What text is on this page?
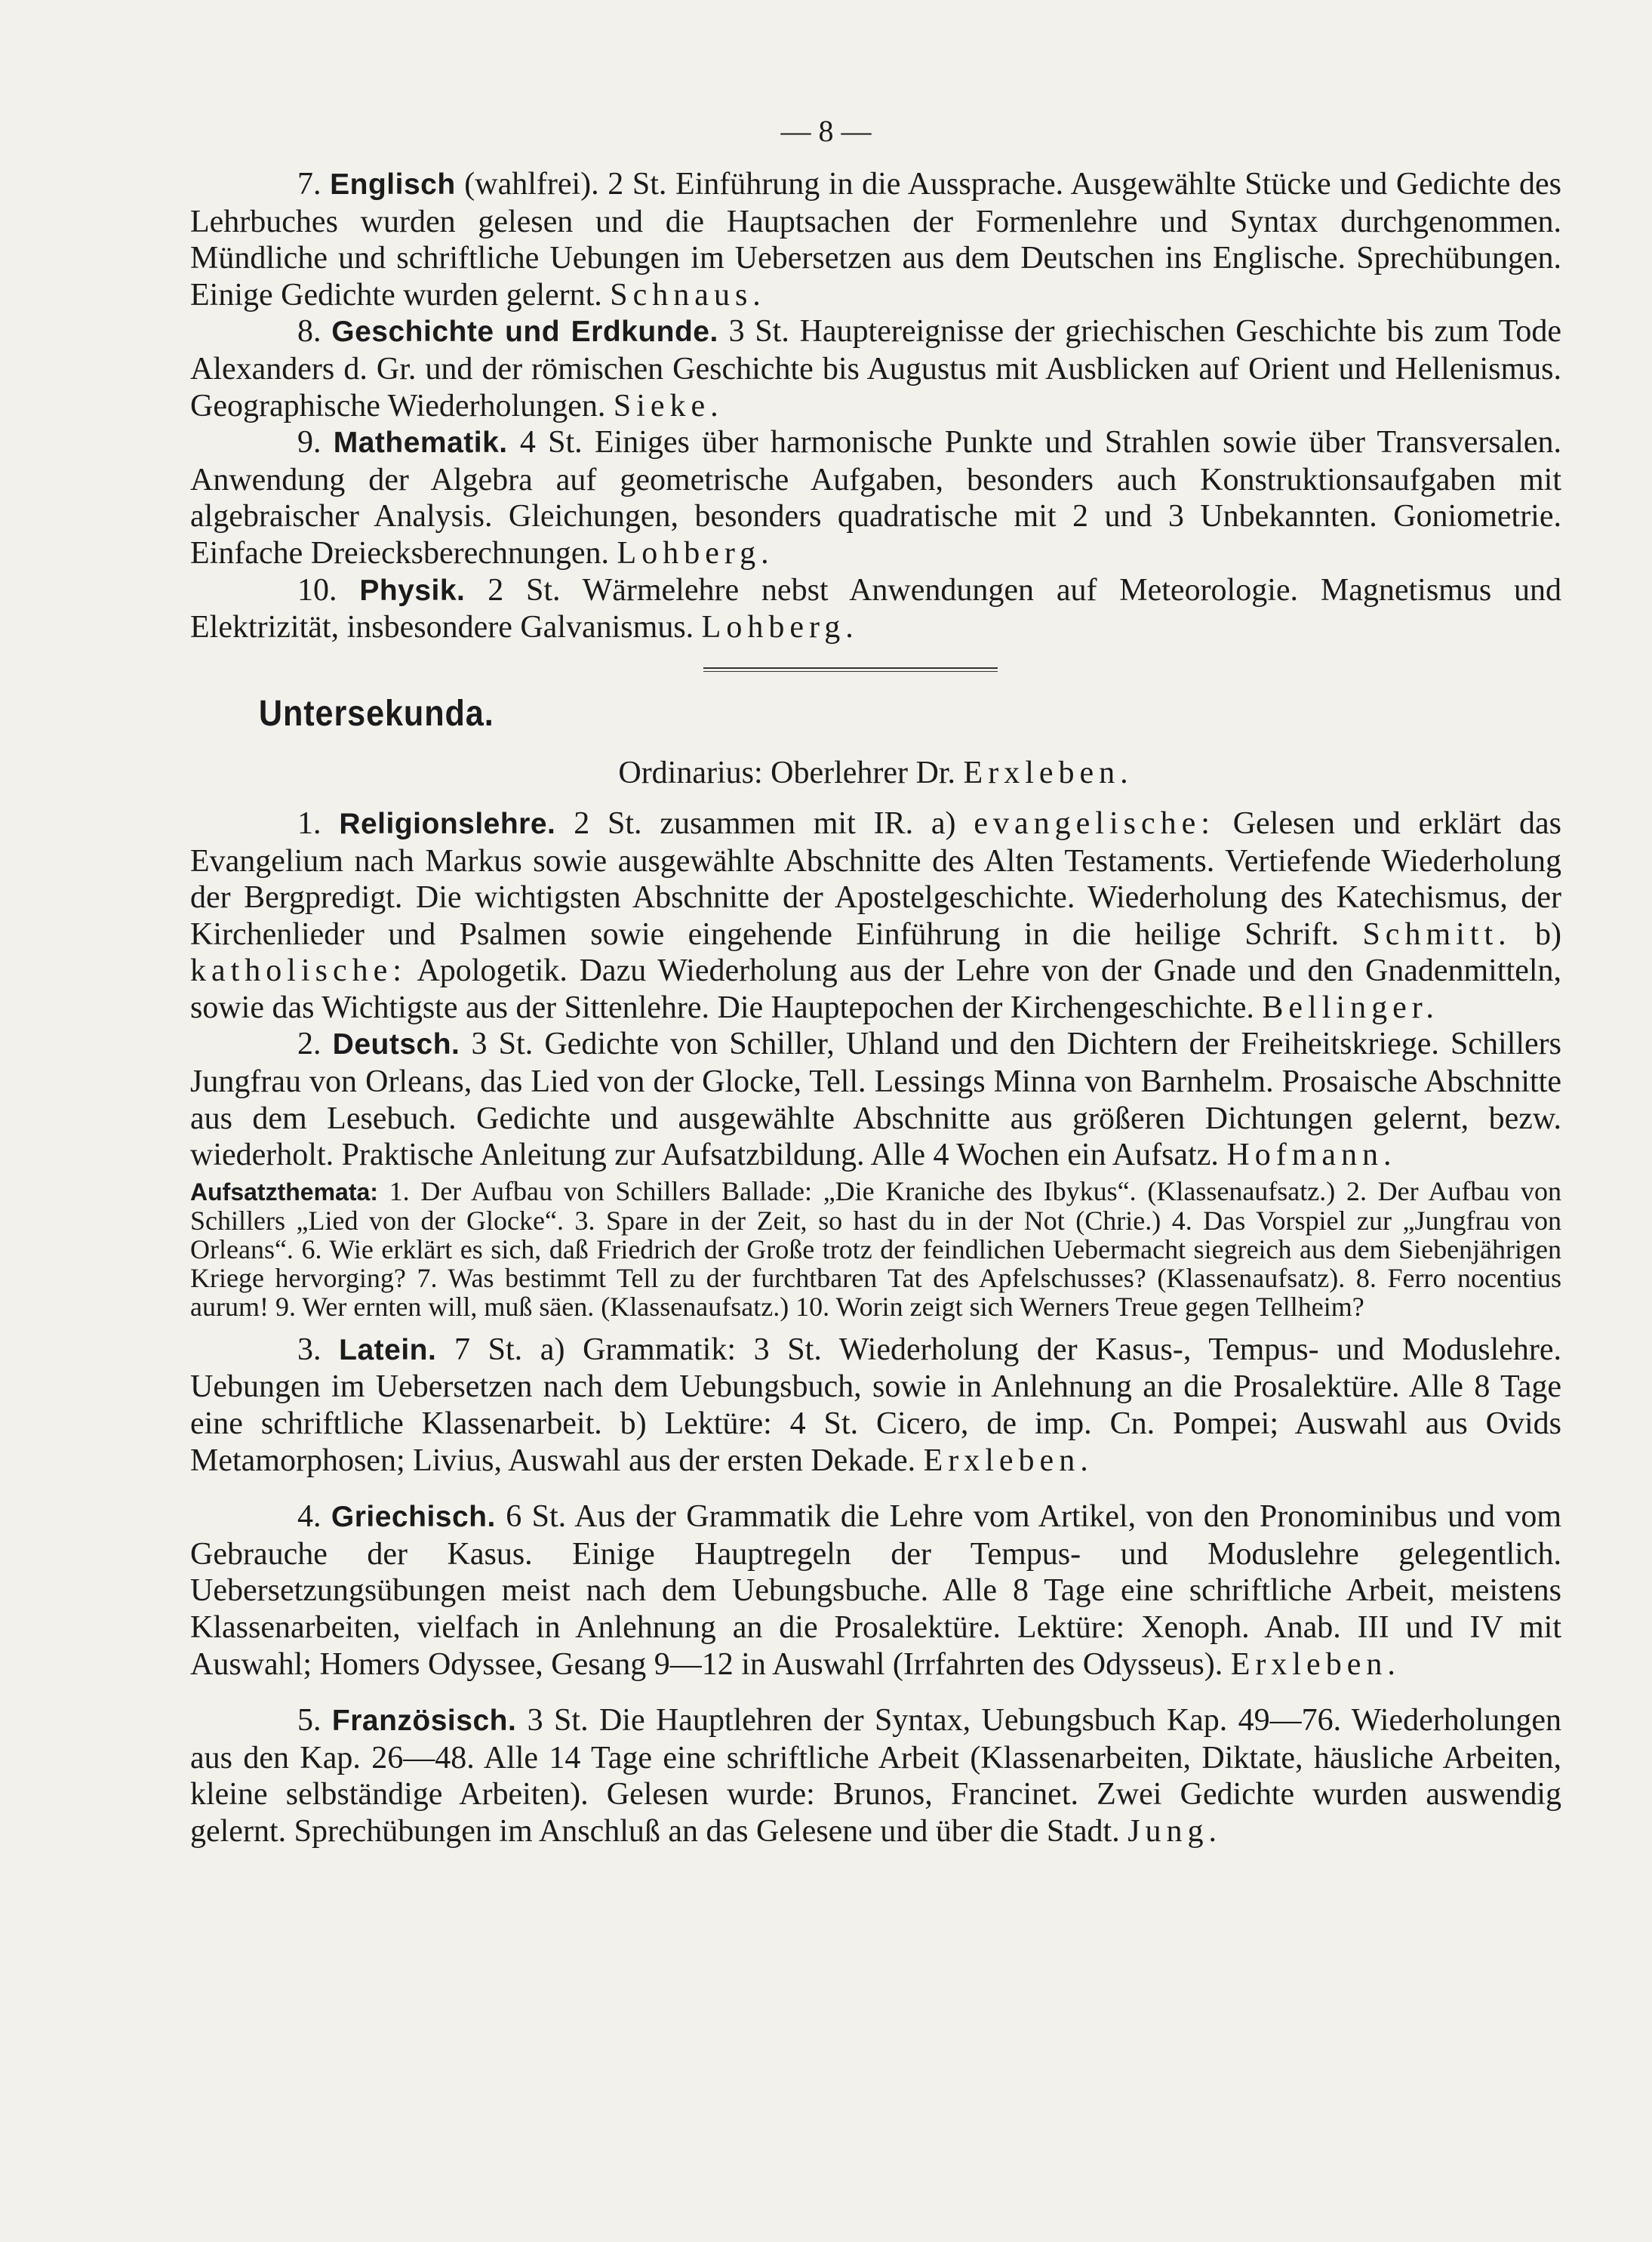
— 8 —

7. Englisch (wahlfrei). 2 St. Einführung in die Aussprache. Ausgewählte Stücke und Gedichte des Lehrbuches wurden gelesen und die Hauptsachen der Formenlehre und Syntax durchgenommen. Mündliche und schriftliche Uebungen im Uebersetzen aus dem Deutschen ins Englische. Sprechübungen. Einige Gedichte wurden gelernt. Schnaus.

8. Geschichte und Erdkunde. 3 St. Hauptereignisse der griechischen Geschichte bis zum Tode Alexanders d. Gr. und der römischen Geschichte bis Augustus mit Ausblicken auf Orient und Hellenismus. Geographische Wiederholungen. Sieke.

9. Mathematik. 4 St. Einiges über harmonische Punkte und Strahlen sowie über Transversalen. Anwendung der Algebra auf geometrische Aufgaben, besonders auch Konstruktionsaufgaben mit algebraischer Analysis. Gleichungen, besonders quadratische mit 2 und 3 Unbekannten. Goniometrie. Einfache Dreiecksberechnungen. Lohberg.

10. Physik. 2 St. Wärmelehre nebst Anwendungen auf Meteorologie. Magnetismus und Elektrizität, insbesondere Galvanismus. Lohberg.

Untersekunda.

Ordinarius: Oberlehrer Dr. Erxleben.

1. Religionslehre. 2 St. zusammen mit IR. a) evangelische: Gelesen und erklärt das Evangelium nach Markus sowie ausgewählte Abschnitte des Alten Testaments. Vertiefende Wiederholung der Bergpredigt. Die wichtigsten Abschnitte der Apostelgeschichte. Wiederholung des Katechismus, der Kirchenlieder und Psalmen sowie eingehende Einführung in die heilige Schrift. Schmitt. b) katholische: Apologetik. Dazu Wiederholung aus der Lehre von der Gnade und den Gnadenmitteln, sowie das Wichtigste aus der Sittenlehre. Die Hauptepochen der Kirchengeschichte. Bellinger.

2. Deutsch. 3 St. Gedichte von Schiller, Uhland und den Dichtern der Freiheitskriege. Schillers Jungfrau von Orleans, das Lied von der Glocke, Tell. Lessings Minna von Barnhelm. Prosaische Abschnitte aus dem Lesebuch. Gedichte und ausgewählte Abschnitte aus größeren Dichtungen gelernt, bezw. wiederholt. Praktische Anleitung zur Aufsatzbildung. Alle 4 Wochen ein Aufsatz. Hofmann.

Aufsatzthemata: 1. Der Aufbau von Schillers Ballade: „Die Kraniche des Ibykus“. (Klassenaufsatz.) 2. Der Aufbau von Schillers „Lied von der Glocke“. 3. Spare in der Zeit, so hast du in der Not (Chrie.) 4. Das Vorspiel zur „Jungfrau von Orleans“. 6. Wie erklärt es sich, daß Friedrich der Große trotz der feindlichen Uebermacht siegreich aus dem Siebenjährigen Kriege hervorging? 7. Was bestimmt Tell zu der furchtbaren Tat des Apfelschusses? (Klassenaufsatz). 8. Ferro nocentius aurum! 9. Wer ernten will, muß säen. (Klassenaufsatz.) 10. Worin zeigt sich Werners Treue gegen Tellheim?

3. Latein. 7 St. a) Grammatik: 3 St. Wiederholung der Kasus-, Tempus- und Moduslehre. Uebungen im Uebersetzen nach dem Uebungsbuch, sowie in Anlehnung an die Prosalektüre. Alle 8 Tage eine schriftliche Klassenarbeit. b) Lektüre: 4 St. Cicero, de imp. Cn. Pompei; Auswahl aus Ovids Metamorphosen; Livius, Auswahl aus der ersten Dekade. Erxleben.

4. Griechisch. 6 St. Aus der Grammatik die Lehre vom Artikel, von den Pronominibus und vom Gebrauche der Kasus. Einige Hauptregeln der Tempus- und Moduslehre gelegentlich. Uebersetzungsübungen meist nach dem Uebungsbuche. Alle 8 Tage eine schriftliche Arbeit, meistens Klassenarbeiten, vielfach in Anlehnung an die Prosalektüre. Lektüre: Xenoph. Anab. III und IV mit Auswahl; Homers Odyssee, Gesang 9—12 in Auswahl (Irrfahrten des Odysseus). Erxleben.

5. Französisch. 3 St. Die Hauptlehren der Syntax, Uebungsbuch Kap. 49—76. Wiederholungen aus den Kap. 26—48. Alle 14 Tage eine schriftliche Arbeit (Klassenarbeiten, Diktate, häusliche Arbeiten, kleine selbständige Arbeiten). Gelesen wurde: Brunos, Francinet. Zwei Gedichte wurden auswendig gelernt. Sprechübungen im Anschluß an das Gelesene und über die Stadt. Jung.
